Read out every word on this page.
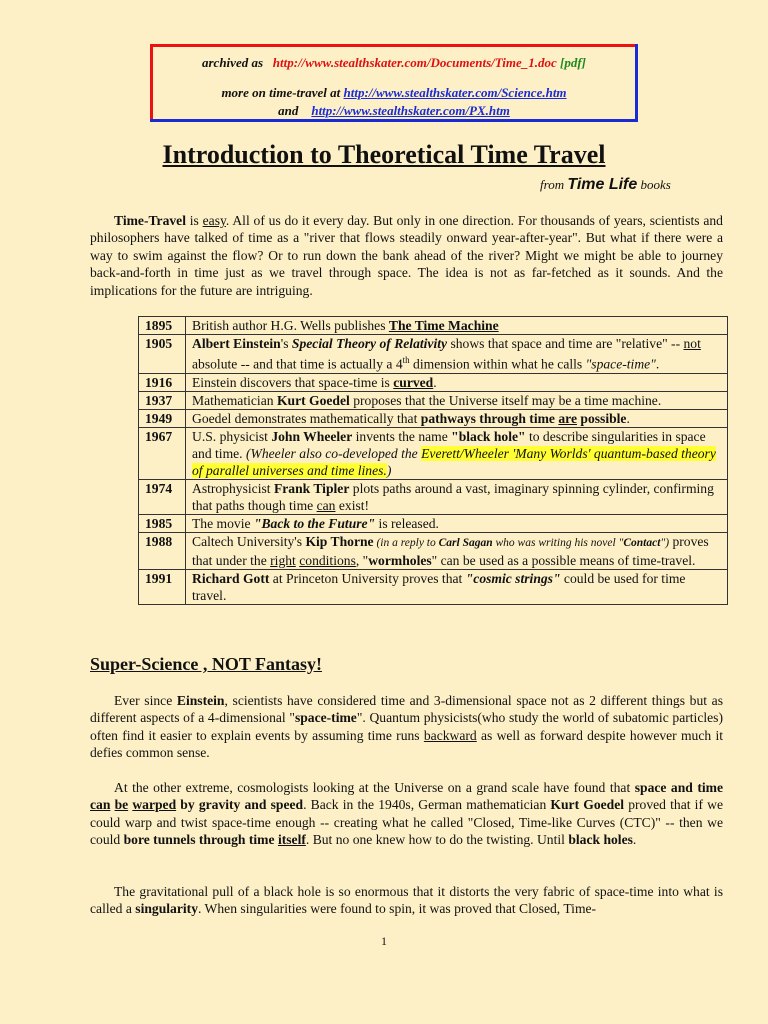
archived as http://www.stealthskater.com/Documents/Time_1.doc [pdf]
more on time-travel at http://www.stealthskater.com/Science.htm
and http://www.stealthskater.com/PX.htm
Introduction to Theoretical Time Travel
from Time Life books

Time-Travel is easy. All of us do it every day. But only in one direction. For thousands of years, scientists and philosophers have talked of time as a "river that flows steadily onward year-after-year". But what if there were a way to swim against the flow? Or to run down the bank ahead of the river? Might we might be able to journey back-and-forth in time just as we travel through space. The idea is not as far-fetched as it sounds. And the implications for the future are intriguing.

1895	British author H.G. Wells publishes The Time Machine
1905	Albert Einstein's Special Theory of Relativity shows that space and time are "relative" -- not absolute -- and that time is actually a 4th dimension within what he calls "space-time".
1916	Einstein discovers that space-time is curved.
1937	Mathematician Kurt Goedel proposes that the Universe itself may be a time machine.
1949	Goedel demonstrates mathematically that pathways through time are possible.
1967	U.S. physicist John Wheeler invents the name "black hole" to describe singularities in space and time. (Wheeler also co-developed the Everett/Wheeler 'Many Worlds' quantum-based theory of parallel universes and time lines.)
1974	Astrophysicist Frank Tipler plots paths around a vast, imaginary spinning cylinder, confirming that paths though time can exist!
1985	The movie "Back to the Future" is released.
1988	Caltech University's Kip Thorne (in a reply to Carl Sagan who was writing his novel "Contact") proves that under the right conditions, "wormholes" can be used as a possible means of time-travel.
1991	Richard Gott at Princeton University proves that "cosmic strings" could be used for time travel.
Super-Science , NOT Fantasy!

Ever since Einstein, scientists have considered time and 3-dimensional space not as 2 different things but as different aspects of a 4-dimensional "space-time". Quantum physicists(who study the world of subatomic particles) often find it easier to explain events by assuming time runs backward as well as forward despite however much it defies common sense.

At the other extreme, cosmologists looking at the Universe on a grand scale have found that space and time can be warped by gravity and speed. Back in the 1940s, German mathematician Kurt Goedel proved that if we could warp and twist space-time enough -- creating what he called "Closed, Time-like Curves (CTC)" -- then we could bore tunnels through time itself. But no one knew how to do the twisting. Until black holes.

The gravitational pull of a black hole is so enormous that it distorts the very fabric of space-time into what is called a singularity. When singularities were found to spin, it was proved that Closed, Time-

1
